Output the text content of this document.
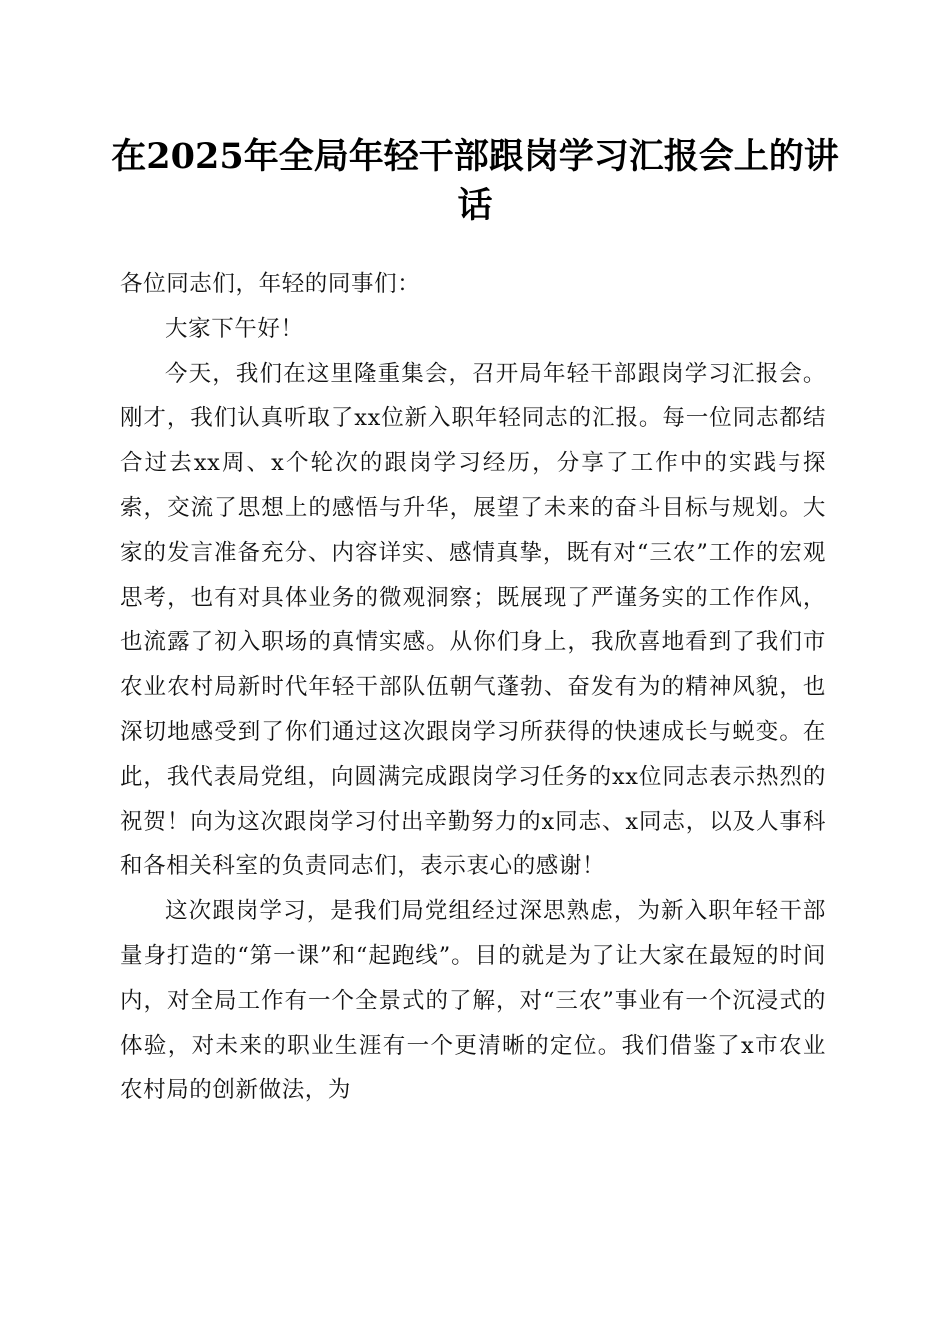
在2025年全局年轻干部跟岗学习汇报会上的讲话

各位同志们，年轻的同事们：

大家下午好！

今天，我们在这里隆重集会，召开局年轻干部跟岗学习汇报会。刚才，我们认真听取了xx位新入职年轻同志的汇报。每一位同志都结合过去xx周、x个轮次的跟岗学习经历，分享了工作中的实践与探索，交流了思想上的感悟与升华，展望了未来的奋斗目标与规划。大家的发言准备充分、内容详实、感情真挚，既有对“三农”工作的宏观思考，也有对具体业务的微观洞察；既展现了严谨务实的工作作风，也流露了初入职场的真情实感。从你们身上，我欣喜地看到了我们市农业农村局新时代年轻干部队伍朝气蓬勃、奋发有为的精神风貌，也深切地感受到了你们通过这次跟岗学习所获得的快速成长与蜕变。在此，我代表局党组，向圆满完成跟岗学习任务的xx位同志表示热烈的祝贺！向为这次跟岗学习付出辛勤努力的x同志、x同志，以及人事科和各相关科室的负责同志们，表示衷心的感谢！

这次跟岗学习，是我们局党组经过深思熟虑，为新入职年轻干部量身打造的“第一课”和“起跑线”。目的就是为了让大家在最短的时间内，对全局工作有一个全景式的了解，对“三农”事业有一个沉浸式的体验，对未来的职业生涯有一个更清晰的定位。我们借鉴了x市农业农村局的创新做法，为
